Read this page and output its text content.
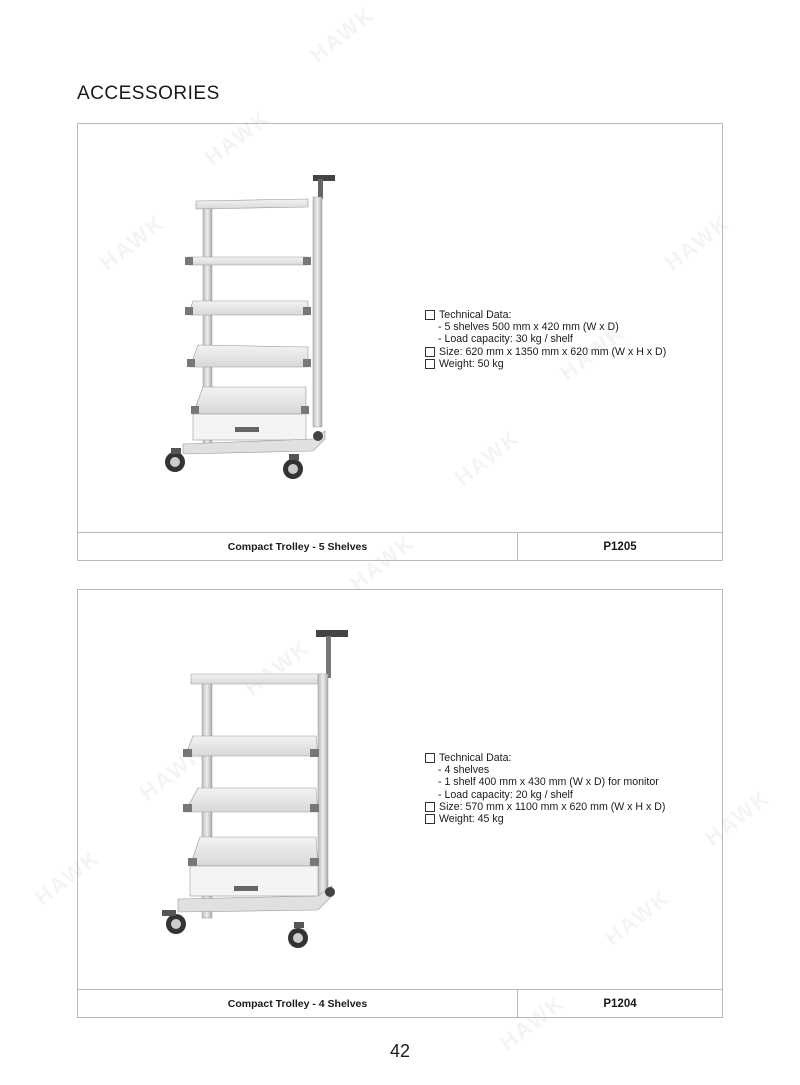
ACCESSORIES
Technical Data:
- 5 shelves 500 mm x 420 mm (W x D)
- Load capacity: 30 kg / shelf
Size: 620 mm x 1350 mm x 620 mm (W x H x D)
Weight: 50 kg
Compact Trolley - 5 Shelves	P1205
Technical Data:
- 4 shelves
- 1 shelf 400 mm x 430 mm (W x D) for monitor
- Load capacity: 20 kg / shelf
Size: 570 mm x 1100 mm x 620 mm (W x H x D)
Weight: 45 kg
Compact Trolley - 4 Shelves	P1204
42
